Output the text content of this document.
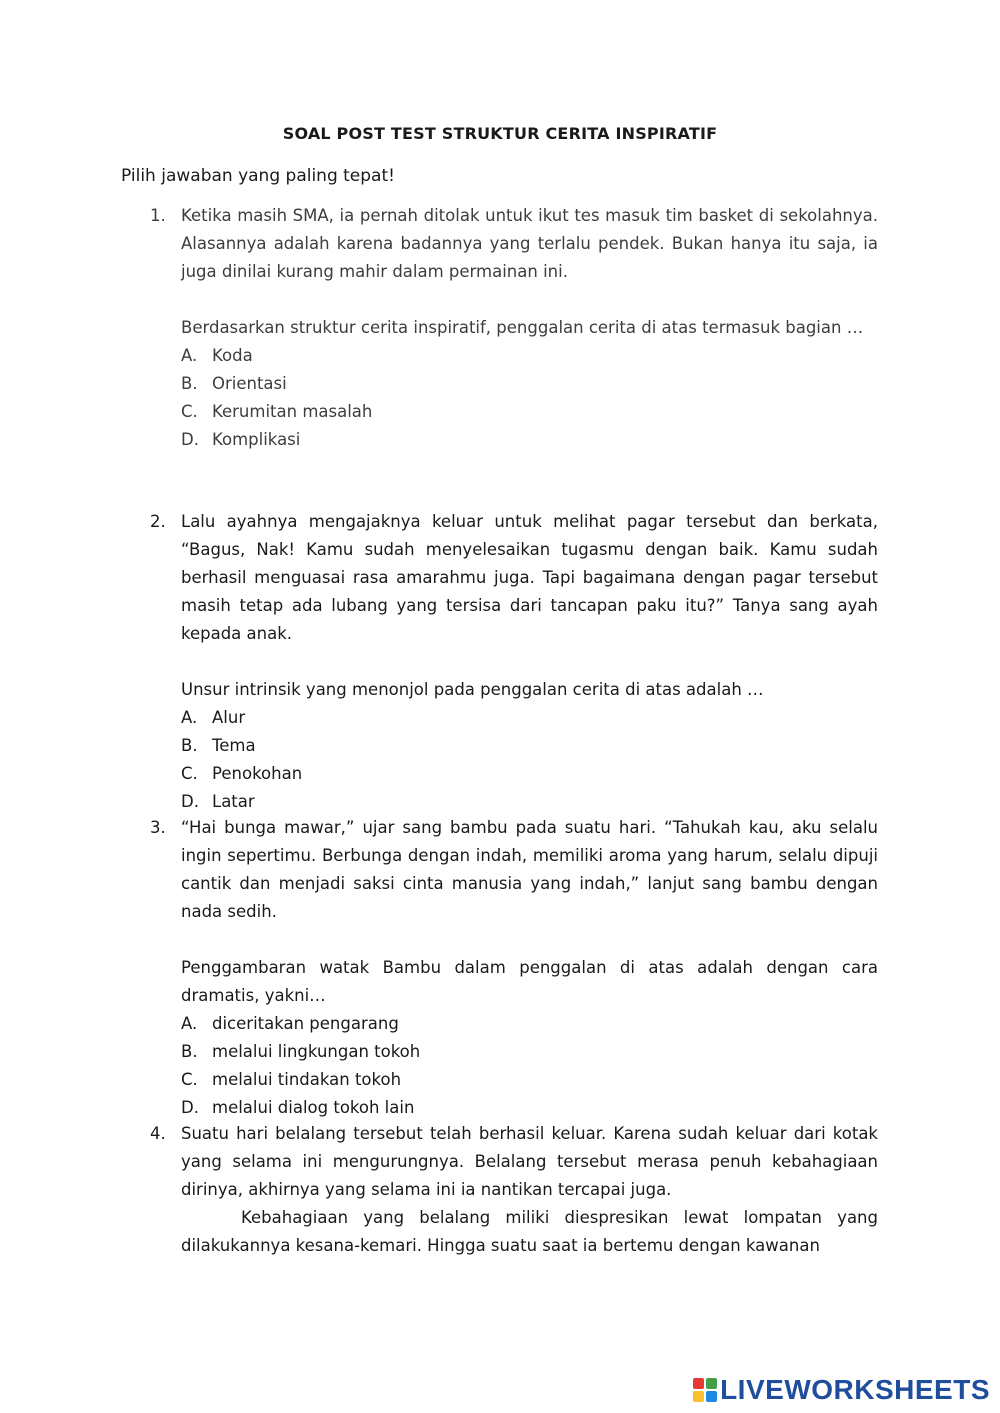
SOAL POST TEST STRUKTUR CERITA INSPIRATIF
Pilih jawaban yang paling tepat!
1. Ketika masih SMA, ia pernah ditolak untuk ikut tes masuk tim basket di sekolahnya. Alasannya adalah karena badannya yang terlalu pendek. Bukan hanya itu saja, ia juga dinilai kurang mahir dalam permainan ini.

Berdasarkan struktur cerita inspiratif, penggalan cerita di atas termasuk bagian …

A. Koda
B. Orientasi
C. Kerumitan masalah
D. Komplikasi
2. Lalu ayahnya mengajaknya keluar untuk melihat pagar tersebut dan berkata, “Bagus, Nak! Kamu sudah menyelesaikan tugasmu dengan baik. Kamu sudah berhasil menguasai rasa amarahmu juga. Tapi bagaimana dengan pagar tersebut masih tetap ada lubang yang tersisa dari tancapan paku itu?” Tanya sang ayah kepada anak.

Unsur intrinsik yang menonjol pada penggalan cerita di atas adalah …

A. Alur
B. Tema
C. Penokohan
D. Latar
3. “Hai bunga mawar,” ujar sang bambu pada suatu hari. “Tahukah kau, aku selalu ingin sepertimu. Berbunga dengan indah, memiliki aroma yang harum, selalu dipuji cantik dan menjadi saksi cinta manusia yang indah,” lanjut sang bambu dengan nada sedih.

Penggambaran watak Bambu dalam penggalan di atas adalah dengan cara dramatis, yakni…

A. diceritakan pengarang
B. melalui lingkungan tokoh
C. melalui tindakan tokoh
D. melalui dialog tokoh lain
4. Suatu hari belalang tersebut telah berhasil keluar. Karena sudah keluar dari kotak yang selama ini mengurungnya. Belalang tersebut merasa penuh kebahagiaan dirinya, akhirnya yang selama ini ia nantikan tercapai juga.

Kebahagiaan yang belalang miliki diespresikan lewat lompatan yang dilakukannya kesana-kemari. Hingga suatu saat ia bertemu dengan kawanan

LIVEWORKSHEETS
